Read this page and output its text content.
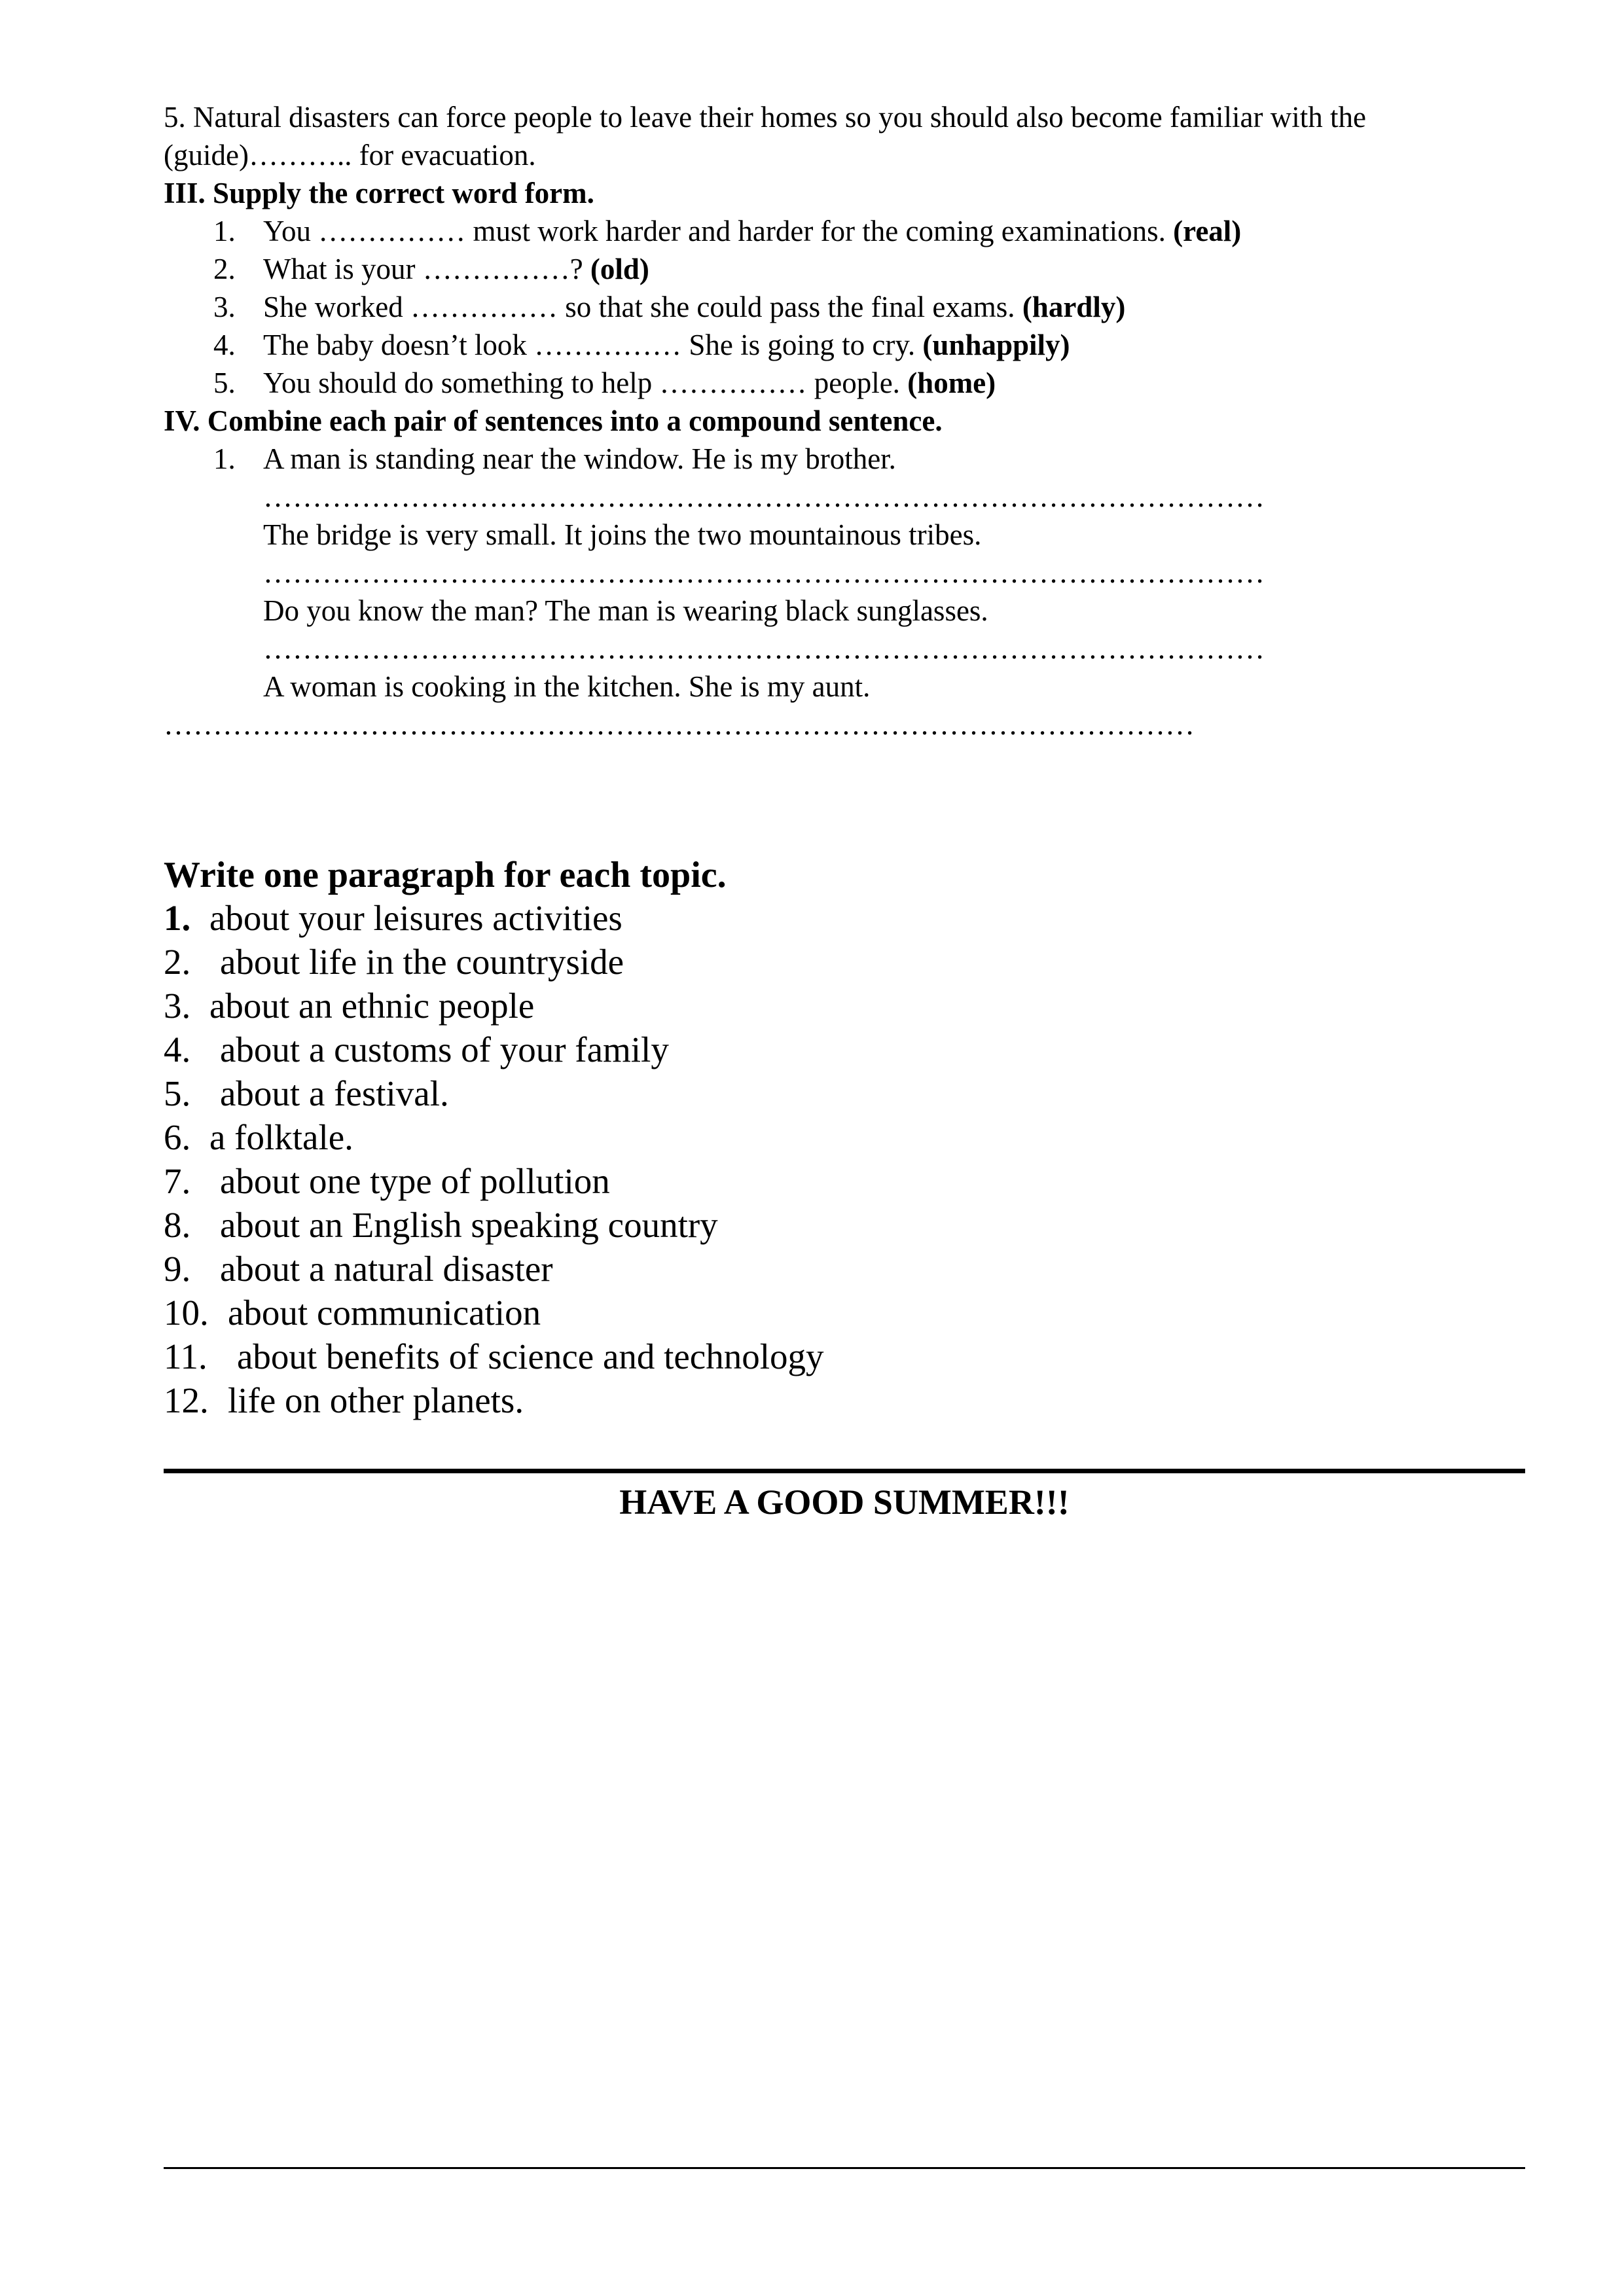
5. Natural disasters can force people to leave their homes so you should also become familiar with the
(guide)……….. for evacuation.
III. Supply the correct word form.
1. You …………… must work harder and harder for the coming examinations. (real)
2. What is your ……………? (old)
3. She worked …………… so that she could pass the final exams. (hardly)
4. The baby doesn’t look …………… She is going to cry. (unhappily)
5. You should do something to help …………… people. (home)
IV. Combine each pair of sentences into a compound sentence.
1. A man is standing near the window. He is my brother.
…………………………………………………………………………………………
The bridge is very small. It joins the two mountainous tribes.
…………………………………………………………………………………………
Do you know the man? The man is wearing black sunglasses.
…………………………………………………………………………………………
A woman is cooking in the kitchen. She is my aunt.
……………………………………………………………………………………………
Write one paragraph for each topic.
1. about your leisures activities
2. about life in the countryside
3. about an ethnic people
4. about a customs of your family
5. about a festival.
6. a folktale.
7. about one type of pollution
8. about an English speaking country
9. about a natural disaster
10. about communication
11. about benefits of science and technology
12. life on other planets.
HAVE A GOOD SUMMER!!!
